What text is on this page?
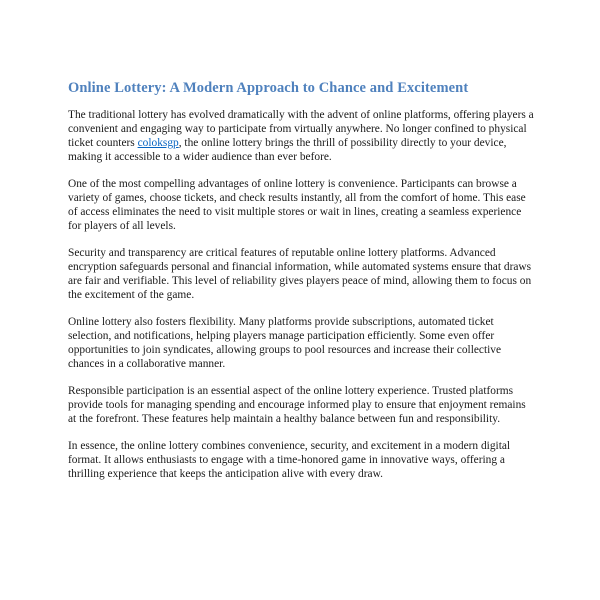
Online Lottery: A Modern Approach to Chance and Excitement

The traditional lottery has evolved dramatically with the advent of online platforms, offering players a convenient and engaging way to participate from virtually anywhere. No longer confined to physical ticket counters coloksgp, the online lottery brings the thrill of possibility directly to your device, making it accessible to a wider audience than ever before.

One of the most compelling advantages of online lottery is convenience. Participants can browse a variety of games, choose tickets, and check results instantly, all from the comfort of home. This ease of access eliminates the need to visit multiple stores or wait in lines, creating a seamless experience for players of all levels.

Security and transparency are critical features of reputable online lottery platforms. Advanced encryption safeguards personal and financial information, while automated systems ensure that draws are fair and verifiable. This level of reliability gives players peace of mind, allowing them to focus on the excitement of the game.

Online lottery also fosters flexibility. Many platforms provide subscriptions, automated ticket selection, and notifications, helping players manage participation efficiently. Some even offer opportunities to join syndicates, allowing groups to pool resources and increase their collective chances in a collaborative manner.

Responsible participation is an essential aspect of the online lottery experience. Trusted platforms provide tools for managing spending and encourage informed play to ensure that enjoyment remains at the forefront. These features help maintain a healthy balance between fun and responsibility.

In essence, the online lottery combines convenience, security, and excitement in a modern digital format. It allows enthusiasts to engage with a time-honored game in innovative ways, offering a thrilling experience that keeps the anticipation alive with every draw.
